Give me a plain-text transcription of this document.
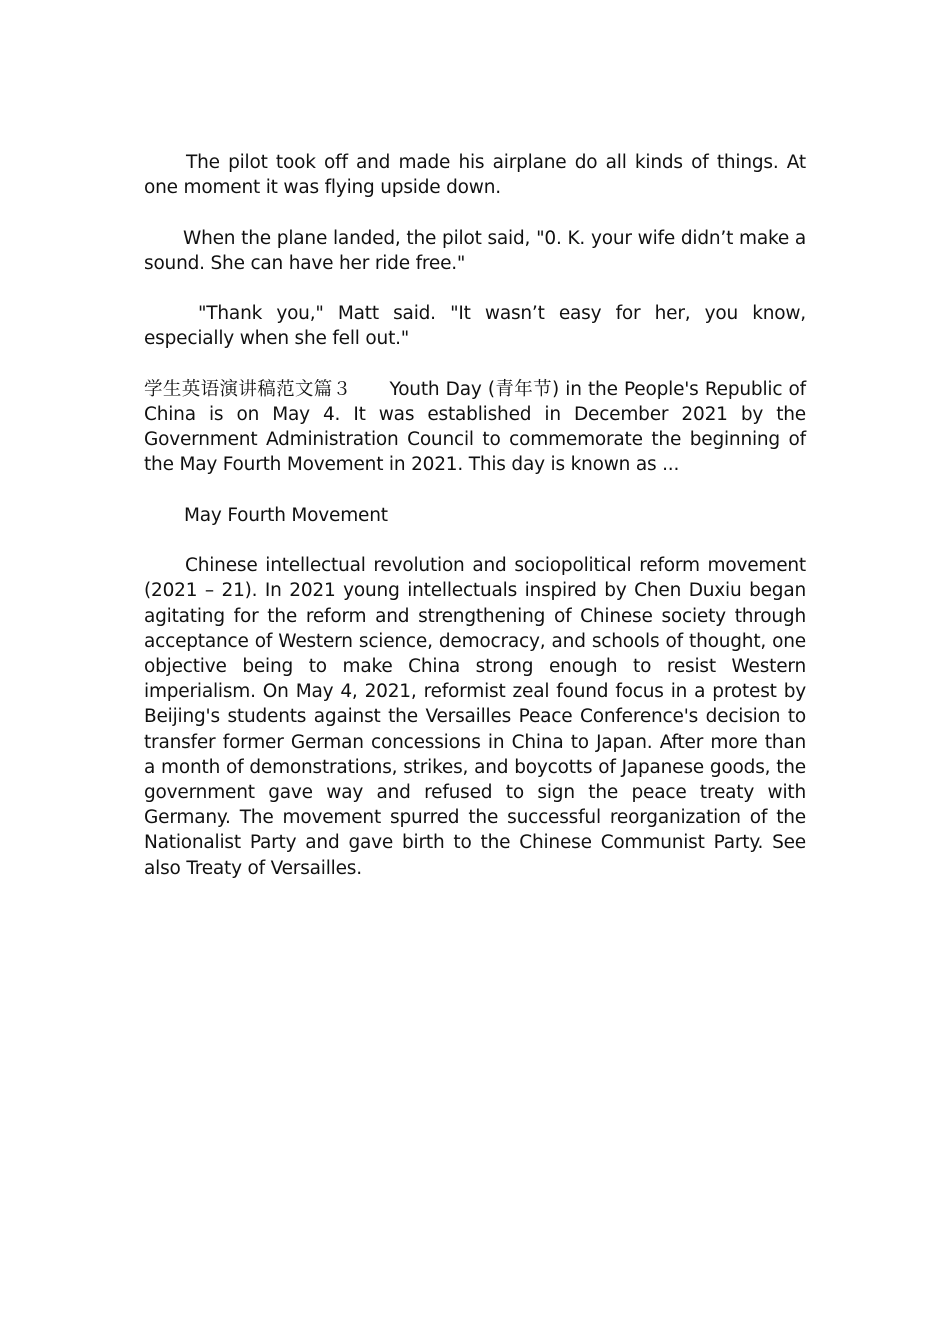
The pilot took off and made his airplane do all kinds of things. At one moment it was flying upside down.

When the plane landed, the pilot said, "0. K. your wife didn’t make a sound. She can have her ride free."

"Thank you," Matt said. "It wasn’t easy for her, you know, especially when she fell out."

学生英语演讲稿范文篇３ Youth Day (青年节) in the People's Republic of China is on May 4. It was established in December 2021 by the Government Administration Council to commemorate the beginning of the May Fourth Movement in 2021. This day is known as ...

May Fourth Movement

Chinese intellectual revolution and sociopolitical reform movement (2021 – 21). In 2021 young intellectuals inspired by Chen Duxiu began agitating for the reform and strengthening of Chinese society through acceptance of Western science, democracy, and schools of thought, one objective being to make China strong enough to resist Western imperialism. On May 4, 2021, reformist zeal found focus in a protest by Beijing's students against the Versailles Peace Conference's decision to transfer former German concessions in China to Japan. After more than a month of demonstrations, strikes, and boycotts of Japanese goods, the government gave way and refused to sign the peace treaty with Germany. The movement spurred the successful reorganization of the Nationalist Party and gave birth to the Chinese Communist Party. See also Treaty of Versailles.
